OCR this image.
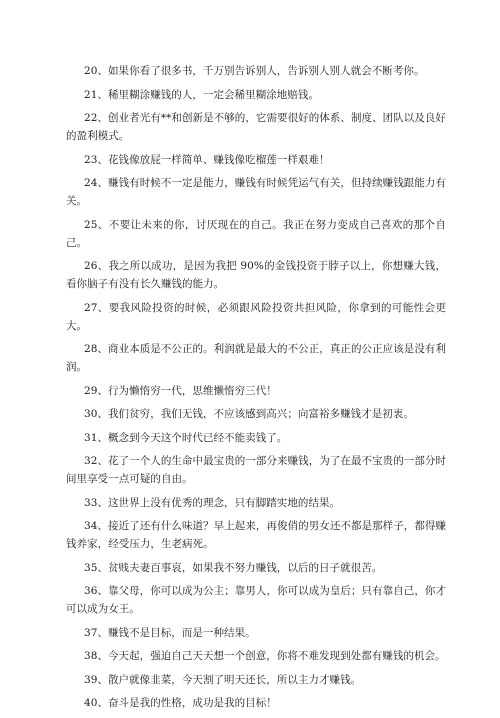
20、如果你看了很多书，千万别告诉别人，告诉别人别人就会不断考你。

21、稀里糊涂赚钱的人，一定会稀里糊涂地赔钱。

22、创业者光有**和创新是不够的，它需要很好的体系、制度、团队以及良好的盈利模式。

23、花钱像放屁一样简单、赚钱像吃榴莲一样艰难！

24、赚钱有时候不一定是能力，赚钱有时候凭运气有关，但持续赚钱跟能力有关。

25、不要让未来的你，讨厌现在的自己。我正在努力变成自己喜欢的那个自己。

26、我之所以成功，是因为我把 90%的金钱投资于脖子以上，你想赚大钱，看你脑子有没有长久赚钱的能力。

27、要我风险投资的时候，必须跟风险投资共担风险，你拿到的可能性会更大。

28、商业本质是不公正的。利润就是最大的不公正，真正的公正应该是没有利润。

29、行为懒惰穷一代，思维懒惰穷三代！

30、我们贫穷，我们无钱，不应该感到高兴；向富裕多赚钱才是初衷。

31、概念到今天这个时代已经不能卖钱了。

32、花了一个人的生命中最宝贵的一部分来赚钱，为了在最不宝贵的一部分时间里享受一点可疑的自由。

33、这世界上没有优秀的理念，只有脚踏实地的结果。

34、接近了还有什么味道？早上起来，再俊俏的男女还不都是那样子，都得赚钱养家，经受压力，生老病死。

35、贫贱夫妻百事哀，如果我不努力赚钱，以后的日子就很苦。

36、靠父母，你可以成为公主；靠男人，你可以成为皇后；只有靠自己，你才可以成为女王。

37、赚钱不是目标，而是一种结果。

38、今天起，强迫自己天天想一个创意，你将不难发现到处都有赚钱的机会。

39、散户就像韭菜，今天割了明天还长，所以主力才赚钱。

40、奋斗是我的性格，成功是我的目标！
